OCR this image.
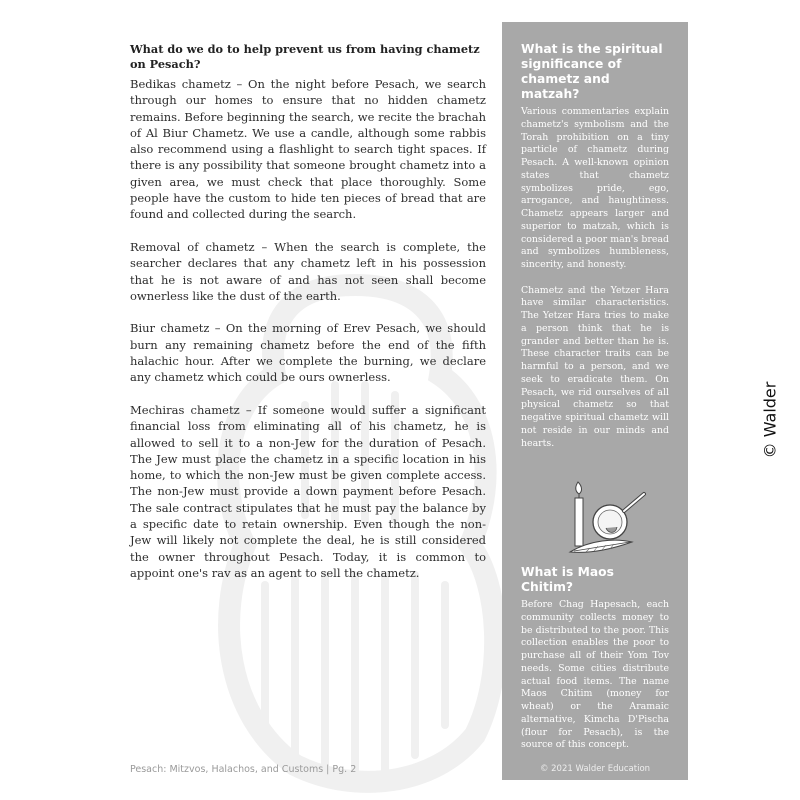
What do we do to help prevent us from having chametz on Pesach?

Bedikas chametz – On the night before Pesach, we search through our homes to ensure that no hidden chametz remains. Before beginning the search, we recite the brachah of Al Biur Chametz. We use a candle, although some rabbis also recommend using a flashlight to search tight spaces. If there is any possibility that someone brought chametz into a given area, we must check that place thoroughly. Some people have the custom to hide ten pieces of bread that are found and collected during the search.

Removal of chametz – When the search is complete, the searcher declares that any chametz left in his possession that he is not aware of and has not seen shall become ownerless like the dust of the earth.

Biur chametz – On the morning of Erev Pesach, we should burn any remaining chametz before the end of the fifth halachic hour. After we complete the burning, we declare any chametz which could be ours ownerless.

Mechiras chametz – If someone would suffer a significant financial loss from eliminating all of his chametz, he is allowed to sell it to a non-Jew for the duration of Pesach. The Jew must place the chametz in a specific location in his home, to which the non-Jew must be given complete access. The non-Jew must provide a down payment before Pesach. The sale contract stipulates that he must pay the balance by a specific date to retain ownership. Even though the non-Jew will likely not complete the deal, he is still considered the owner throughout Pesach. Today, it is common to appoint one's rav as an agent to sell the chametz.

What is the spiritual significance of chametz and matzah?

Various commentaries explain chametz's symbolism and the Torah prohibition on a tiny particle of chametz during Pesach. A well-known opinion states that chametz symbolizes pride, ego, arrogance, and haughtiness. Chametz appears larger and superior to matzah, which is considered a poor man's bread and symbolizes humbleness, sincerity, and honesty.

Chametz and the Yetzer Hara have similar characteristics. The Yetzer Hara tries to make a person think that he is grander and better than he is. These character traits can be harmful to a person, and we seek to eradicate them. On Pesach, we rid ourselves of all physical chametz so that negative spiritual chametz will not reside in our minds and hearts.

What is Maos Chitim?

Before Chag Hapesach, each community collects money to be distributed to the poor. This collection enables the poor to purchase all of their Yom Tov needs. Some cities distribute actual food items. The name Maos Chitim (money for wheat) or the Aramaic alternative, Kimcha D'Pischa (flour for Pesach), is the source of this concept.

Pesach: Mitzvos, Halachos, and Customs | Pg. 2	© 2021 Walder Education
© Walder
